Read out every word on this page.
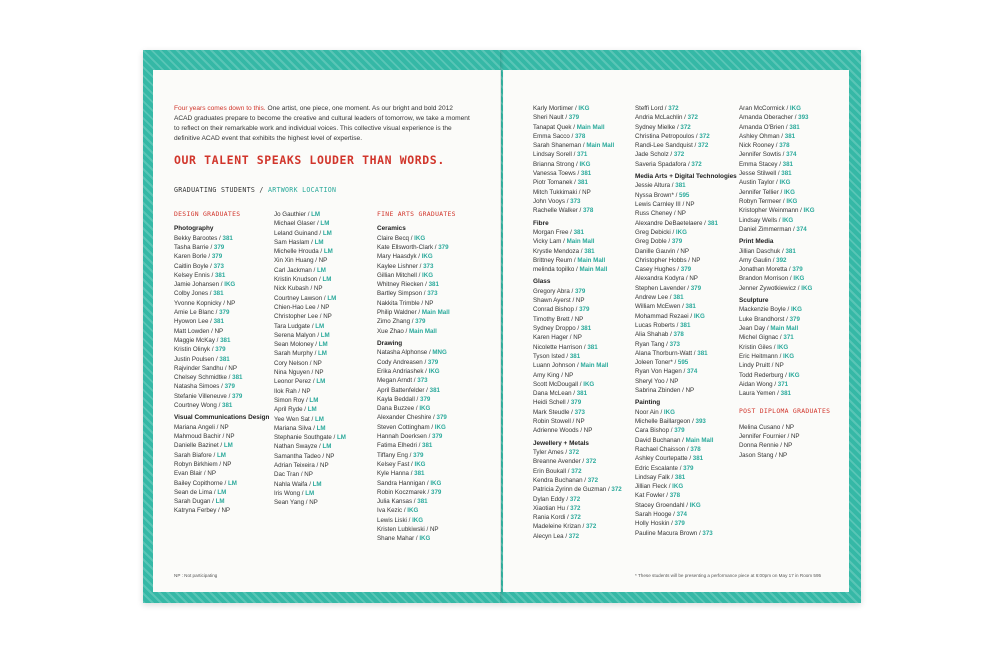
Four years comes down to this. One artist, one piece, one moment. As our bright and bold 2012 ACAD graduates prepare to become the creative and cultural leaders of tomorrow, we take a moment to reflect on their remarkable work and individual voices. This collective visual experience is the definitive ACAD event that exhibits the highest level of expertise.
OUR TALENT SPEAKS LOUDER THAN WORDS.
GRADUATING STUDENTS / ARTWORK LOCATION
DESIGN GRADUATES
Photography
Bekky Barootes / 381
Tasha Barrie / 379
Karen Borle / 379
Caitlin Boyle / 373
Kelsey Ennis / 381
Jamie Johansen / IKG
Colby Jones / 381
Yvonne Kopnicky / NP
Amie Le Blanc / 379
Hyowon Lee / 381
Matt Lowden / NP
Maggie McKay / 381
Kristin Olinyk / 379
Justin Poulsen / 381
Rajvinder Sandhu / NP
Chelsey Schmidtke / 381
Natasha Simoes / 379
Stefanie Villeneuve / 379
Courtney Wong / 381
Visual Communications Design
Mariana Angeli / NP
Mahmoud Bachir / NP
Danielle Bazinet / LM
Sarah Biafore / LM
Robyn Birkhiem / NP
Evan Blair / NP
Bailey Copithorne / LM
Sean de Lima / LM
Sarah Dugan / LM
Katryna Ferbey / NP
Jo Gauthier / LM
Michael Glaser / LM
Leland Guinand / LM
Sam Haslam / LM
Michelle Hrouda / LM
Xin Xin Huang / NP
Carl Jackman / LM
Kristin Knudson / LM
Nick Kubash / NP
Courtney Lawson / LM
Chien-Hao Lee / NP
Christopher Lee / NP
Tara Ludgate / LM
Serena Malyon / LM
Sean Moloney / LM
Sarah Murphy / LM
Cory Nelson / NP
Nina Nguyen / NP
Leonor Perez / LM
Ilok Rah / NP
Simon Roy / LM
April Ryde / LM
Yee Wen Sat / LM
Mariana Silva / LM
Stephanie Southgate / LM
Nathan Swayze / LM
Samantha Tadeo / NP
Adrian Teixeira / NP
Dac Tran / NP
Nahla Waifa / LM
Iris Wong / LM
Sean Yang / NP
FINE ARTS GRADUATES
Ceramics
Claire Becq / IKG
Kate Ellsworth-Clark / 379
Mary Haasdyk / IKG
Kaylee Lishner / 373
Gillian Mitchell / IKG
Whitney Riecken / 381
Bartley Simpson / 373
Nakkita Trimble / NP
Philip Waldner / Main Mall
Zimo Zhang / 379
Xue Zhao / Main Mall
Drawing
Natasha Alphonse / MNG
Cody Andreasen / 379
Erika Andriashek / IKG
Megan Arndt / 373
April Battenfelder / 381
Kayla Beddall / 379
Dana Buzzee / IKG
Alexander Cheshire / 379
Steven Cottingham / IKG
Hannah Doerksen / 379
Fatima Elhedri / 381
Tiffany Eng / 379
Kelsey Fast / IKG
Kyle Hanna / 381
Sandra Hannigan / IKG
Robin Koczmarek / 379
Julia Kansas / 381
Iva Kezic / IKG
Lewis Liski / IKG
Kristen Lubkiwski / NP
Shane Mahar / IKG
Karly Mortimer / IKG
Sheri Nault / 379
Tanapat Quek / Main Mall
Emma Sacco / 378
Sarah Shaneman / Main Mall
Lindsay Sorell / 371
Brianna Strong / IKG
Vanessa Toews / 381
Piotr Tomanek / 381
Mitch Tukkimaki / NP
John Vooys / 373
Rachelle Walker / 378
Fibre
Morgan Free / 381
Vicky Lam / Main Mall
Krystle Mendoza / 381
Brittney Reum / Main Mall
melinda topilko / Main Mall
Glass
Gregory Abra / 379
Shawn Ayerst / NP
Conrad Bishop / 379
Timothy Brett / NP
Sydney Droppo / 381
Karen Hager / NP
Nicolette Harrison / 381
Tyson Isted / 381
Luann Johnson / Main Mall
Amy King / NP
Scott McDougall / IKG
Dana McLean / 381
Heidi Schell / 379
Mark Steudle / 373
Robin Stowell / NP
Adrienne Woods / NP
Jewellery + Metals
Tyler Ames / 372
Breanne Avender / 372
Erin Boukall / 372
Kendra Buchanan / 372
Patricia Zyrinn de Guzman / 372
Dylan Eddy / 372
Xiaotian Hu / 372
Rania Kordi / 372
Madeleine Krizan / 372
Alecyn Lea / 372
Steffi Lord / 372
Andria McLachlin / 372
Sydney Mielke / 372
Christina Petropoulos / 372
Randi-Lee Sandquist / 372
Jade Scholz / 372
Saveria Spadafora / 372
Media Arts + Digital Technologies
Jessie Altura / 381
Nyssa Brown* / 595
Lewis Carnley III / NP
Russ Cheney / NP
Alexandre DeBaetelaere / 381
Greg Debicki / IKG
Greg Doble / 379
Danille Gauvin / NP
Christopher Hobbs / NP
Casey Hughes / 379
Alexandra Kodyra / NP
Stephen Lavender / 379
Andrew Lee / 381
William McEwen / 381
Mohammad Rezaei / IKG
Lucas Roberts / 381
Alia Shahab / 378
Ryan Tang / 373
Alana Thorburn-Watt / 381
Joleen Toner* / 595
Ryan Von Hagen / 374
Sheryl Yoo / NP
Sabrina Zbinden / NP
Painting
Noor Ain / IKG
Michelle Baillargeon / 393
Cara Bishop / 379
David Buchanan / Main Mall
Rachael Chaisson / 378
Ashley Courtepatte / 381
Edric Escalante / 379
Lindsay Falk / 381
Jillian Fleck / IKG
Kat Fowler / 378
Stacey Groendahl / IKG
Sarah Hooge / 374
Holly Hoskin / 379
Pauline Macura Brown / 373
Aran McCormick / IKG
Amanda Oberacher / 393
Amanda O'Brien / 381
Ashley Ohman / 381
Nick Rooney / 378
Jennifer Sowtis / 374
Emma Stacey / 381
Jesse Stilwell / 381
Austin Taylor / IKG
Jennifer Tellier / IKG
Robyn Termeer / IKG
Kristopher Weinmann / IKG
Lindsay Wells / IKG
Daniel Zimmerman / 374
Print Media
Jillian Daschuk / 381
Amy Gaulin / 392
Jonathan Moretta / 379
Brandon Morrison / IKG
Jenner Zywotkiewicz / IKG
Sculpture
Mackenzie Boyle / IKG
Luke Brandhorst / 379
Jean Day / Main Mall
Michel Gignac / 371
Kristin Giles / IKG
Eric Heitmann / IKG
Lindy Pruitt / NP
Todd Rederburg / IKG
Aidan Wong / 371
Laura Yemen / 381
POST DIPLOMA GRADUATES
Melina Cusano / NP
Jennifer Fournier / NP
Donna Rennie / NP
Jason Stang / NP
NP : Not participating	* These students will be presenting a performance piece at 6:00pm on May 17 in Room 595
